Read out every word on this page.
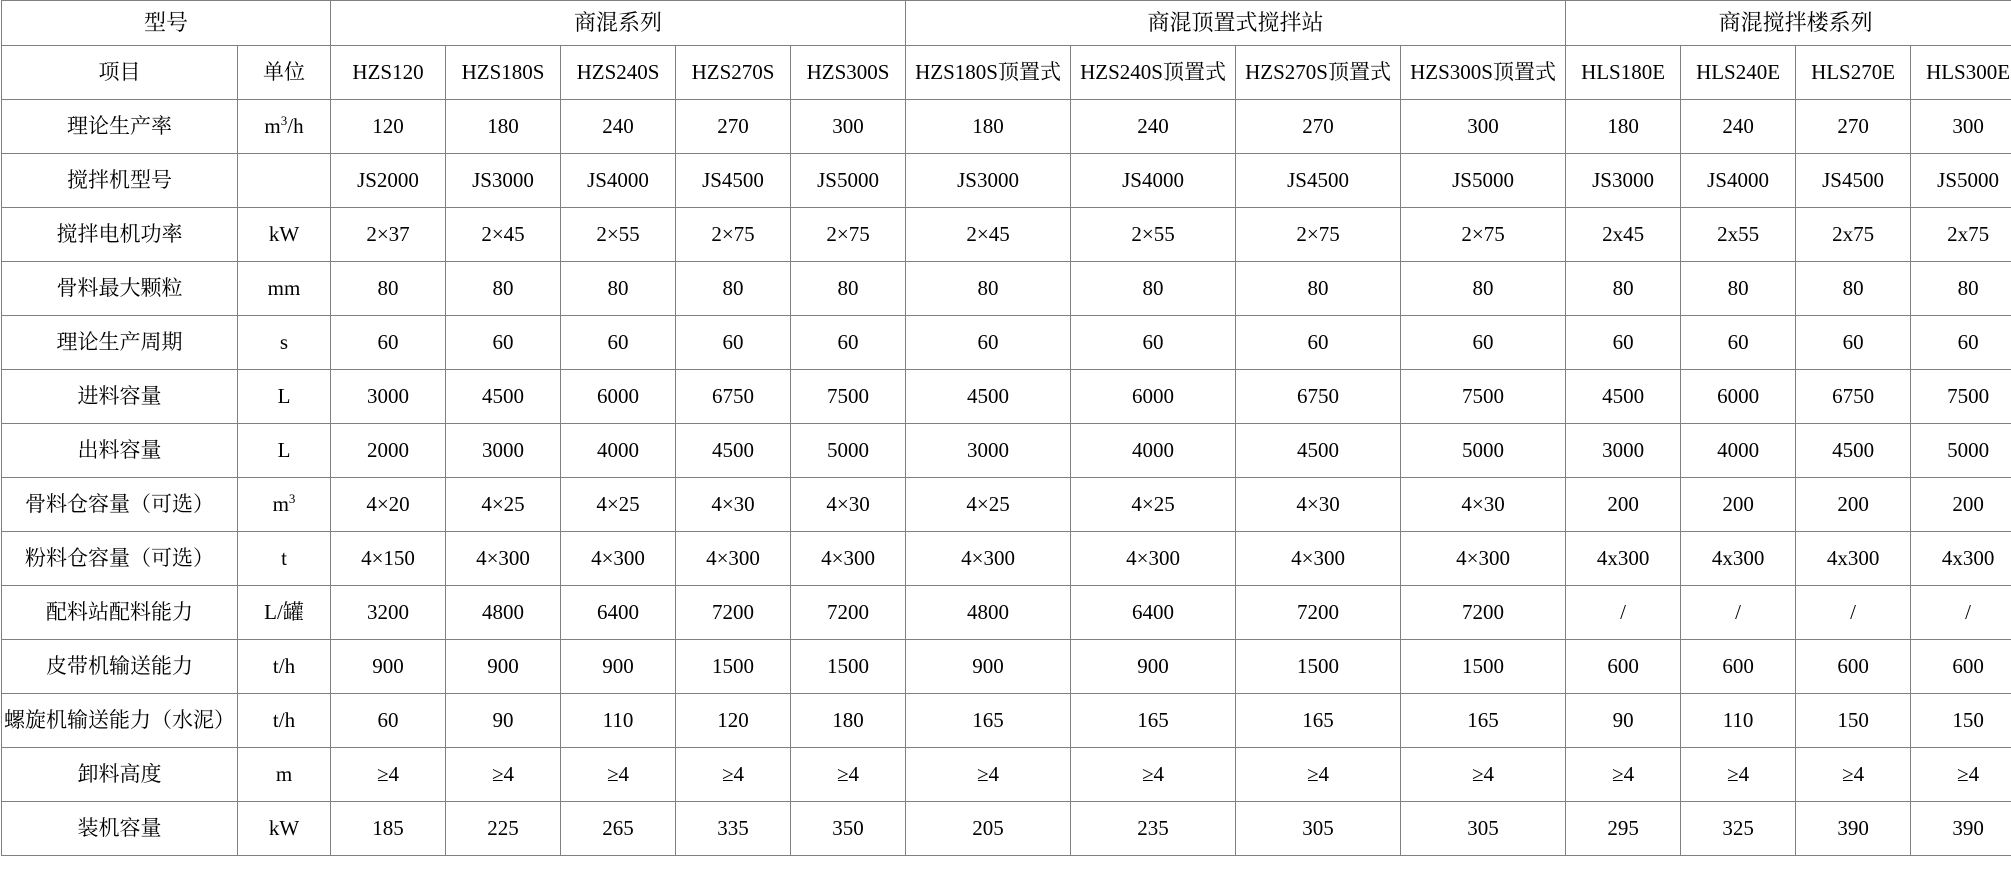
型号		商混系列					商混顶置式搅拌站				商混搅拌楼系列			
项目	单位	HZS120	HZS180S	HZS240S	HZS270S	HZS300S	HZS180S顶置式	HZS240S顶置式	HZS270S顶置式	HZS300S顶置式	HLS180E	HLS240E	HLS270E	HLS300E
理论生产率	$m^3/h$	120	180	240	270	300	180	240	270	300	180	240	270	300
搅拌机型号		JS2000	JS3000	JS4000	JS4500	JS5000	JS3000	JS4000	JS4500	JS5000	JS3000	JS4000	JS4500	JS5000
搅拌电机功率	kW	2×37	2×45	2×55	2×75	2×75	2×45	2×55	2×75	2×75	2x45	2x55	2x75	2x75
骨料最大颗粒	mm	80	80	80	80	80	80	80	80	80	80	80	80	80
理论生产周期	s	60	60	60	60	60	60	60	60	60	60	60	60	60
进料容量	L	3000	4500	6000	6750	7500	4500	6000	6750	7500	4500	6000	6750	7500
出料容量	L	2000	3000	4000	4500	5000	3000	4000	4500	5000	3000	4000	4500	5000
骨料仓容量（可选）	$m^3$	4×20	4×25	4×25	4×30	4×30	4×25	4×25	4×30	4×30	200	200	200	200
粉料仓容量（可选）	t	4×150	4×300	4×300	4×300	4×300	4×300	4×300	4×300	4×300	4x300	4x300	4x300	4x300
配料站配料能力	L/罐	3200	4800	6400	7200	7200	4800	6400	7200	7200	/	/	/	/
皮带机输送能力	t/h	900	900	900	1500	1500	900	900	1500	1500	600	600	600	600
螺旋机输送能力（水泥）	t/h	60	90	110	120	180	165	165	165	165	90	110	150	150
卸料高度	m	≥4	≥4	≥4	≥4	≥4	≥4	≥4	≥4	≥4	≥4	≥4	≥4	≥4
装机容量	kW	185	225	265	335	350	205	235	305	305	295	325	390	390
